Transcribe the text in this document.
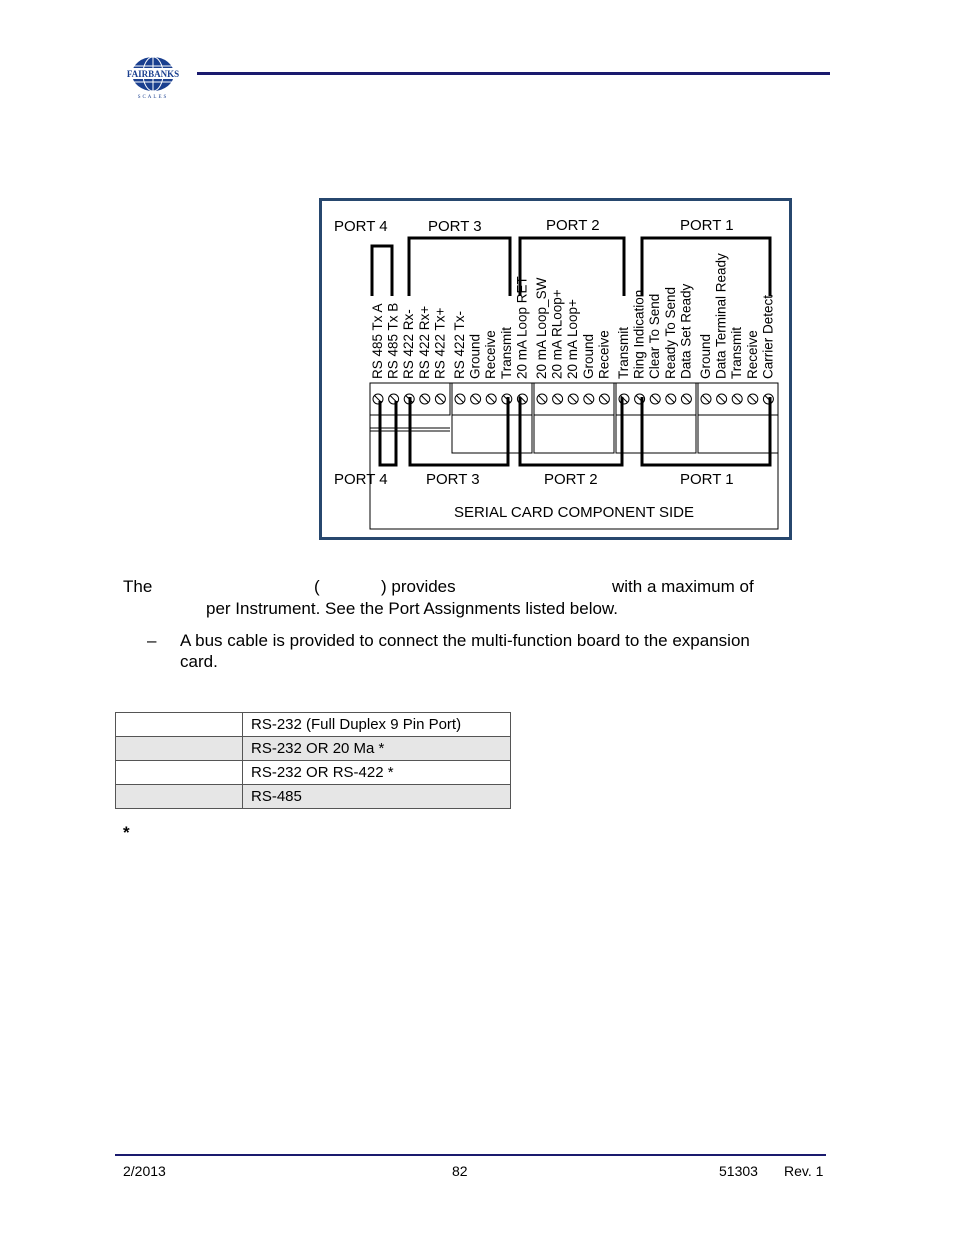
FAIRBANKS
SCALES
PORT 4	PORT 3	PORT 2	PORT 1
RS 485 Tx A RS 485 Tx B RS 422 Rx- RS 422 Rx+ RS 422 Tx+ RS 422 Tx- Ground Receive Transmit 20 mA Loop RET 20 mA Loop_SW 20 mA RLoop+ 20 mA Loop+ Ground Receive Transmit Ring Indication Clear To Send Ready To Send Data Set Ready Ground Data Terminal Ready Transmit Receive Carrier Detect
PORT 4	PORT 3	PORT 2	PORT 1
SERIAL CARD COMPONENT SIDE
The	(	) provides	with a maximum of
per Instrument. See the Port Assignments listed below.
– A bus cable is provided to connect the multi-function board to the expansion
card.
	RS-232 (Full Duplex 9 Pin Port)
	RS-232 OR 20 Ma *
	RS-232 OR RS-422 *
	RS-485
*
2/2013	82	51303 Rev. 1
